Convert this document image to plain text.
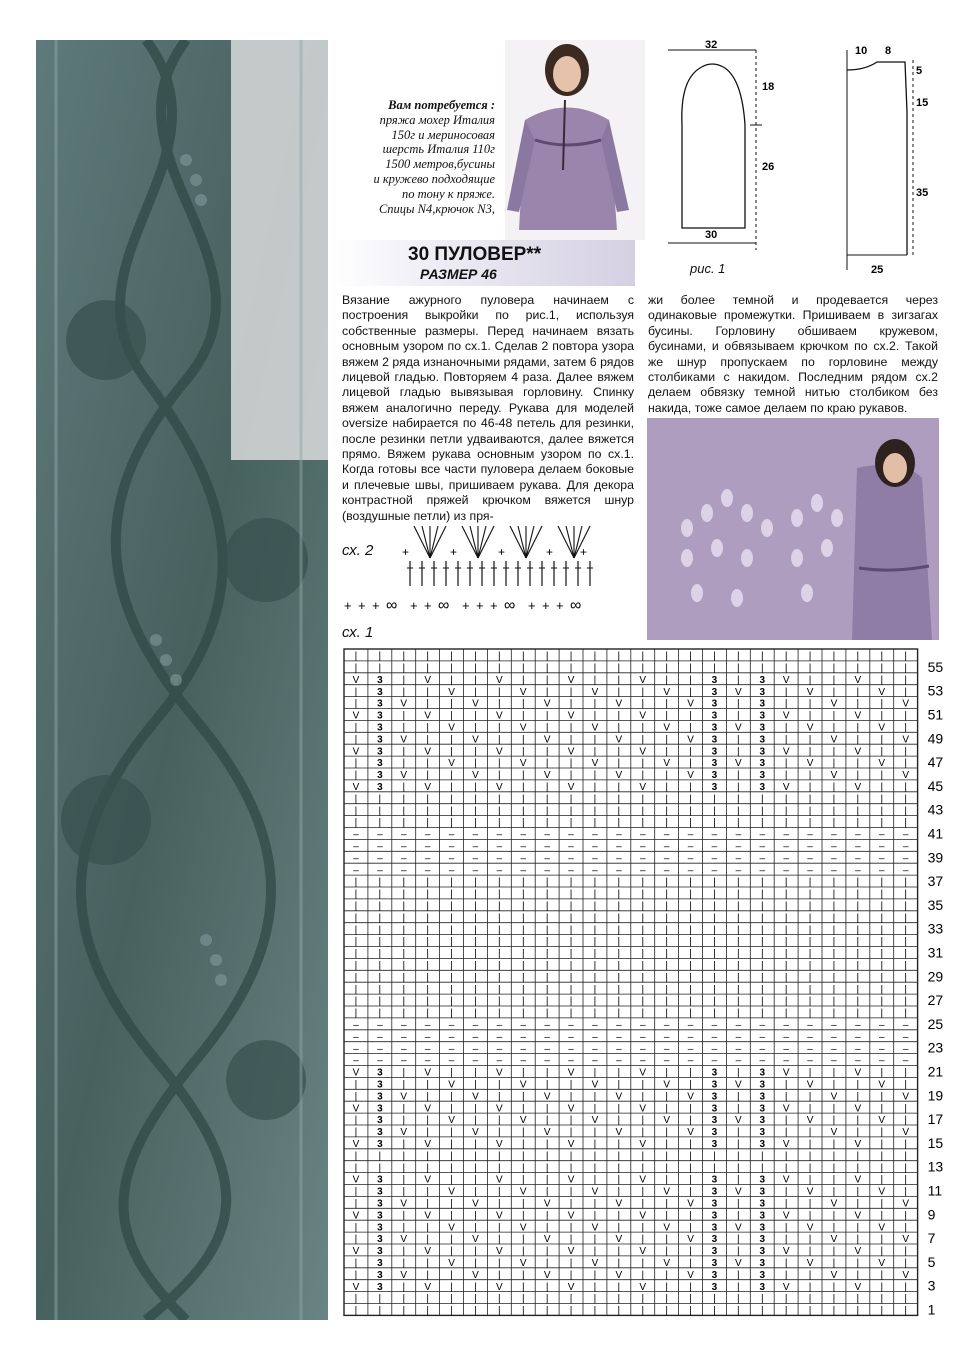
Вам потребуется :
пряжа мохер Италия
150г и мериносовая
шерсть Италия 110г
1500 метров,бусины
и кружево подходящие
по тону к пряже.
Спицы N4,крючок N3,
30 ПУЛОВЕР**
РАЗМЕР 46
32
18
26
30
10 8
5
15
35
25
рис. 1
Вязание ажурного пуловера начинаем с построения выкройки по рис.1, используя собственные размеры. Перед начинаем вязать основным узором по сх.1. Сделав 2 повтора узора вяжем 2 ряда изнаночными рядами, затем 6 рядов лицевой гладью. Повторяем 4 раза. Далее вяжем лицевой гладью вывязывая горловину. Спинку вяжем аналогично переду. Рукава для моделей oversize набирается по 46-48 петель для резинки, после резинки петли удваиваются, далее вяжется прямо. Вяжем рукава основным узором по сх.1. Когда готовы все части пуловера делаем боковые и плечевые швы, пришиваем рукава. Для декора контрастной пряжей крючком вяжется шнур (воздушные петли) из пря-
жи более темной и продевается через одинаковые промежутки. Пришиваем в зигзагах бусины. Горловину обшиваем кружевом, бусинами, и обвязываем крючком по сх.2. Такой же шнур пропускаем по горловине между столбиками с накидом. Последним рядом сх.2 делаем обвязку темной нитью столбиком без накида, тоже самое делаем по краю рукавов.
сх. 2 +	+	+	+ +
сх. 1
| | | | | | | | | | | | | | | | | | | | | | | |
| | | | | | | | | | | | | | | | | | | | | | | |
V 3 | V | | V | | V | | V | | 3 | 3 V | | V | |
| 3 V | | V | | V | | V | | V 3 | 3 | | V | | V
| 3 | | V | | V | | V | | V | 3 V 3 | V | | V |
V 3 | V | | V | | V | | V | | 3 | 3 V | | V | |
| 3 V | | V | | V | | V | | V 3 | 3 | | V | | V
| 3 | | V | | V | | V | | V | 3 V 3 | V | | V |
V 3 | V | | V | | V | | V | | 3 | 3 V | | V | |
| 3 V | | V | | V | | V | | V 3 | 3 | | V | | V
| 3 | | V | | V | | V | | V | 3 V 3 | V | | V |
V 3 | V | | V | | V | | V | | 3 | 3 V | | V | |
| | | | | | | | | | | | | | | | | | | | | | | |
| | | | | | | | | | | | | | | | | | | | | | | |
V 3 | V | | V | | V | | V | | 3 | 3 V | | V | |
| 3 V | | V | | V | | V | | V 3 | 3 | | V | | V
| 3 | | V | | V | | V | | V | 3 V 3 | V | | V |
V 3 | V | | V | | V | | V | | 3 | 3 V | | V | |
| 3 V | | V | | V | | V | | V 3 | 3 | | V | | V
| 3 | | V | | V | | V | | V | 3 V 3 | V | | V |
V 3 | V | | V | | V | | V | | 3 | 3 V | | V | |
– – – – – – – – – – – – – – – – – – – – – – – –
– – – – – – – – – – – – – – – – – – – – – – – –
– – – – – – – – – – – – – – – – – – – – – – – –
– – – – – – – – – – – – – – – – – – – – – – – –
| | | | | | | | | | | | | | | | | | | | | | | |
| | | | | | | | | | | | | | | | | | | | | | | |
| | | | | | | | | | | | | | | | | | | | | | | |
| | | | | | | | | | | | | | | | | | | | | | | |
| | | | | | | | | | | | | | | | | | | | | | | |
| | | | | | | | | | | | | | | | | | | | | | | |
| | | | | | | | | | | | | | | | | | | | | | | |
| | | | | | | | | | | | | | | | | | | | | | | |
| | | | | | | | | | | | | | | | | | | | | | | |
| | | | | | | | | | | | | | | | | | | | | | | |
| | | | | | | | | | | | | | | | | | | | | | | |
| | | | | | | | | | | | | | | | | | | | | | | |
– – – – – – – – – – – – – – – – – – – – – – – –
– – – – – – – – – – – – – – – – – – – – – – – –
– – – – – – – – – – – – – – – – – – – – – – – –
– – – – – – – – – – – – – – – – – – – – – – – –
| | | | | | | | | | | | | | | | | | | | | | | |
| | | | | | | | | | | | | | | | | | | | | | | |
| | | | | | | | | | | | | | | | | | | | | | | |
V 3 | V | | V | | V | | V | | 3 | 3 V | | V | |
| 3 V | | V | | V | | V | | V 3 | 3 | | V | | V
| 3 | | V | | V | | V | | V | 3 V 3 | V | | V |
V 3 | V | | V | | V | | V | | 3 | 3 V | | V | |
| 3 V | | V | | V | | V | | V 3 | 3 | | V | | V
| 3 | | V | | V | | V | | V | 3 V 3 | V | | V |
V 3 | V | | V | | V | | V | | 3 | 3 V | | V | |
| 3 V | | V | | V | | V | | V 3 | 3 | | V | | V
| 3 | | V | | V | | V | | V | 3 V 3 | V | | V |
V 3 | V | | V | | V | | V | | 3 | 3 V | | V | |
| | | | | | | | | | | | | | | | | | | | | | | |
| | | | | | | | | | | | | | | | | | | | | | | |
55
53
51
49
47
45
43
41
39
37
35
33
31
29
27
25
23
21
19
17
15
13
11
9
7
5
3
1
+ + + ∞ + + ∞ + + + ∞ + + + ∞
